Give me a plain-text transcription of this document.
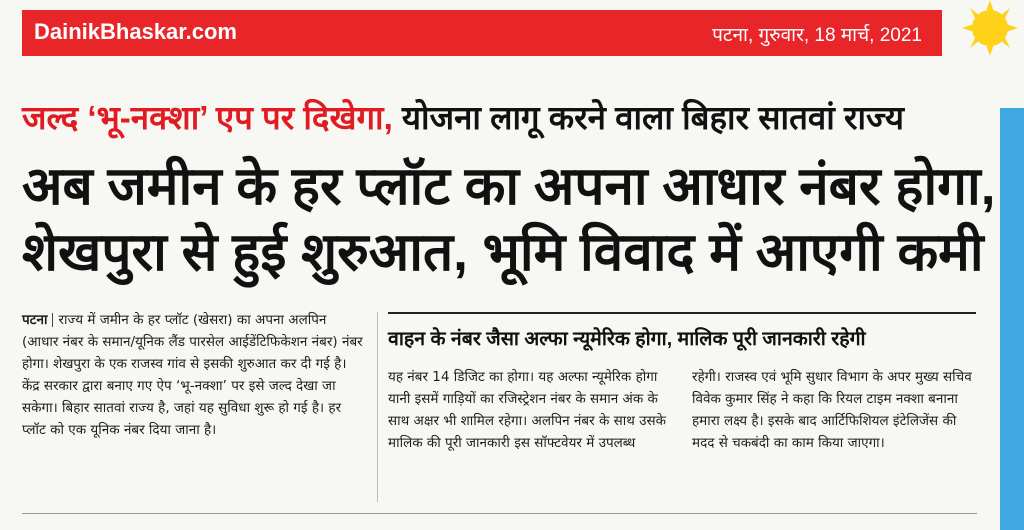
DainikBhaskar.com	पटना, गुरुवार, 18 मार्च, 2021
जल्द ‘भू-नक्शा’ एप पर दिखेगा, योजना लागू करने वाला बिहार सातवां राज्य
अब जमीन के हर प्लॉट का अपना आधार नंबर होगा,
शेखपुरा से हुई शुरुआत, भूमि विवाद में आएगी कमी
पटना राज्य में जमीन के हर प्लॉट (खेसरा) का अपना अलपिन (आधार नंबर के समान/यूनिक लैंड पारसेल आईडेंटिफिकेशन नंबर) नंबर होगा। शेखपुरा के एक राजस्व गांव से इसकी शुरुआत कर दी गई है। केंद्र सरकार द्वारा बनाए गए ऐप ‘भू-नक्शा’ पर इसे जल्द देखा जा सकेगा। बिहार सातवां राज्य है, जहां यह सुविधा शुरू हो गई है। हर प्लॉट को एक यूनिक नंबर दिया जाना है।
वाहन के नंबर जैसा अल्फा न्यूमेरिक होगा, मालिक पूरी जानकारी रहेगी
यह नंबर 14 डिजिट का होगा। यह अल्फा न्यूमेरिक होगा यानी इसमें गाड़ियों का रजिस्ट्रेशन नंबर के समान अंक के साथ अक्षर भी शामिल रहेगा। अलपिन नंबर के साथ उसके मालिक की पूरी जानकारी इस सॉफ्टवेयर में उपलब्ध
रहेगी। राजस्व एवं भूमि सुधार विभाग के अपर मुख्य सचिव विवेक कुमार सिंह ने कहा कि रियल टाइम नक्शा बनाना हमारा लक्ष्य है। इसके बाद आर्टिफिशियल इंटेलिजेंस की मदद से चकबंदी का काम किया जाएगा।
